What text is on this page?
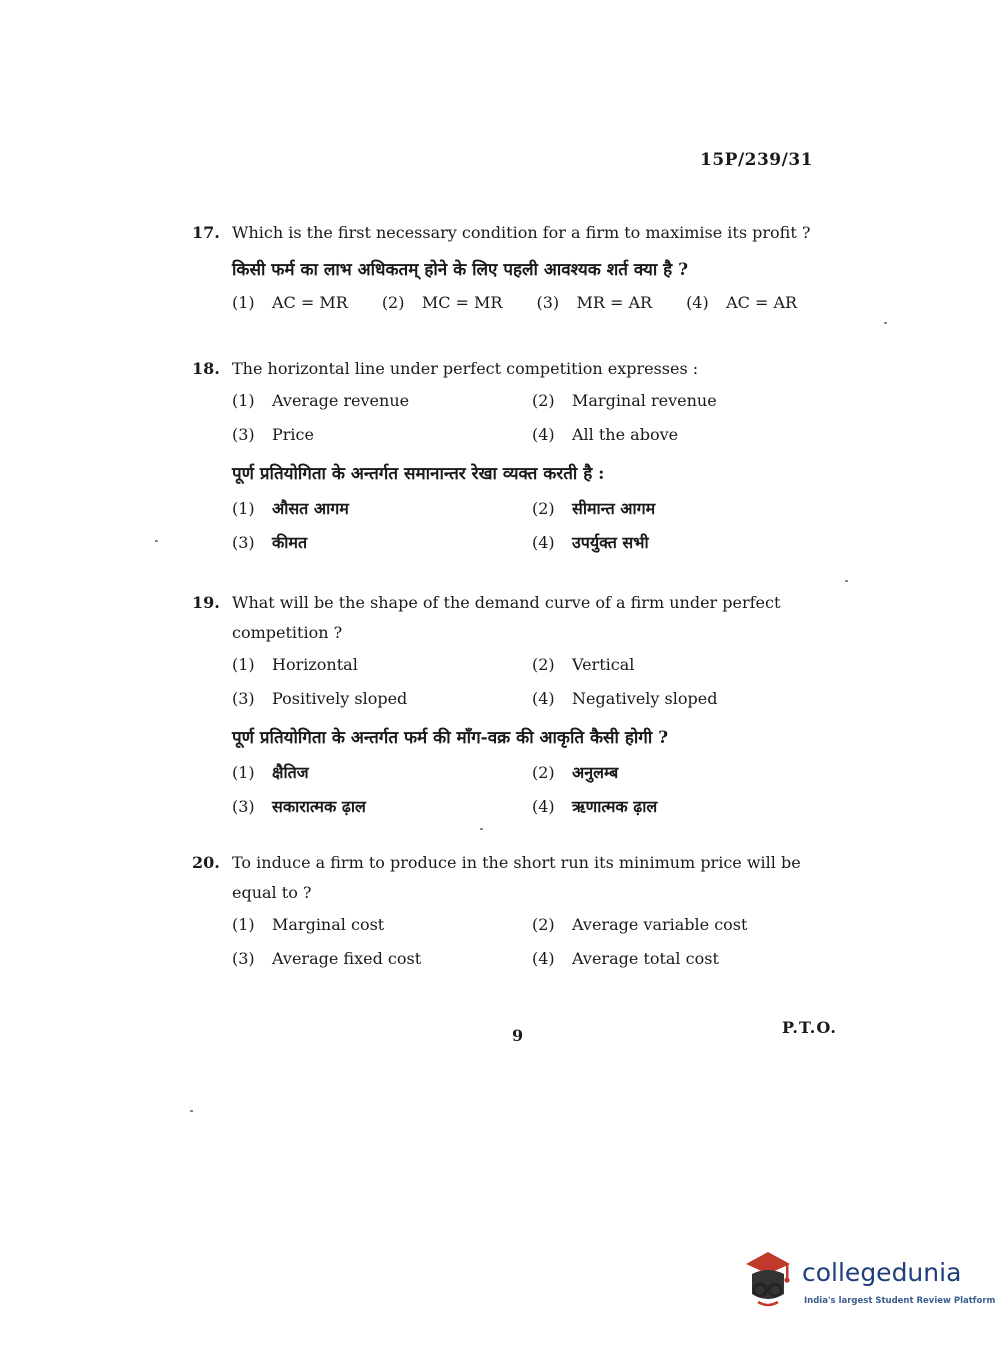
15P/239/31
17. Which is the first necessary condition for a firm to maximise its profit ?
किसी फर्म का लाभ अधिकतम् होने के लिए पहली आवश्यक शर्त क्या है ?
(1)	AC = MR (2)	MC = MR (3)	MR = AR (4)	AC = AR
18. The horizontal line under perfect competition expresses :
(1)	Average revenue	(2)	Marginal revenue
(3)	Price	(4)	All the above
पूर्ण प्रतियोगिता के अन्तर्गत समानान्तर रेखा व्यक्त करती है :
(1)	औसत आगम	(2)	सीमान्त आगम
(3)	कीमत	(4)	उपर्युक्त सभी
19. What will be the shape of the demand curve of a firm under perfect competition ?
(1)	Horizontal	(2)	Vertical
(3)	Positively sloped	(4)	Negatively sloped
पूर्ण प्रतियोगिता के अन्तर्गत फर्म की माँग-वक्र की आकृति कैसी होगी ?
(1)	क्षैतिज	(2)	अनुलम्ब
(3)	सकारात्मक ढ़ाल	(4)	ऋणात्मक ढ़ाल
20. To induce a firm to produce in the short run its minimum price will be equal to ?
(1)	Marginal cost	(2)	Average variable cost
(3)	Average fixed cost	(4)	Average total cost
9	P.T.O.
collegedunia
India's largest Student Review Platform
